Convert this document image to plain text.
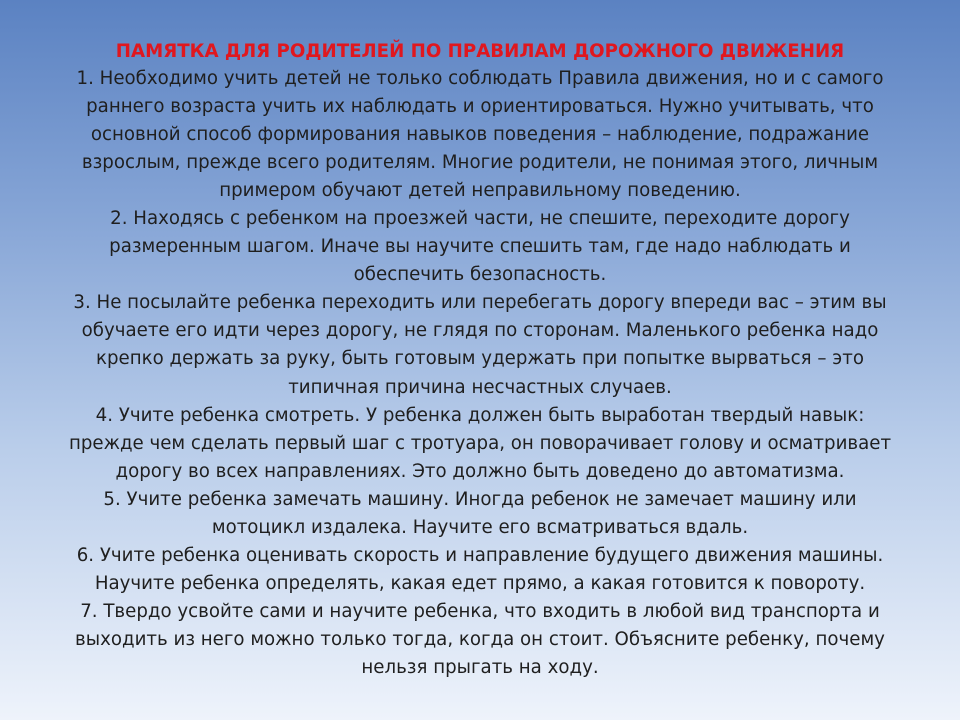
ПАМЯТКА ДЛЯ РОДИТЕЛЕЙ ПО ПРАВИЛАМ ДОРОЖНОГО ДВИЖЕНИЯ
1. Необходимо учить детей не только соблюдать Правила движения, но и с самого
раннего возраста учить их наблюдать и ориентироваться. Нужно учитывать, что
основной способ формирования навыков поведения – наблюдение, подражание
взрослым, прежде всего родителям. Многие родители, не понимая этого, личным
примером обучают детей неправильному поведению.
2. Находясь с ребенком на проезжей части, не спешите, переходите дорогу
размеренным шагом. Иначе вы научите спешить там, где надо наблюдать и
обеспечить безопасность.
3. Не посылайте ребенка переходить или перебегать дорогу впереди вас – этим вы
обучаете его идти через дорогу, не глядя по сторонам. Маленького ребенка надо
крепко держать за руку, быть готовым удержать при попытке вырваться – это
типичная причина несчастных случаев.
4. Учите ребенка смотреть. У ребенка должен быть выработан твердый навык:
прежде чем сделать первый шаг с тротуара, он поворачивает голову и осматривает
дорогу во всех направлениях. Это должно быть доведено до автоматизма.
5. Учите ребенка замечать машину. Иногда ребенок не замечает машину или
мотоцикл издалека. Научите его всматриваться вдаль.
6. Учите ребенка оценивать скорость и направление будущего движения машины.
Научите ребенка определять, какая едет прямо, а какая готовится к повороту.
7. Твердо усвойте сами и научите ребенка, что входить в любой вид транспорта и
выходить из него можно только тогда, когда он стоит. Объясните ребенку, почему
нельзя прыгать на ходу.
